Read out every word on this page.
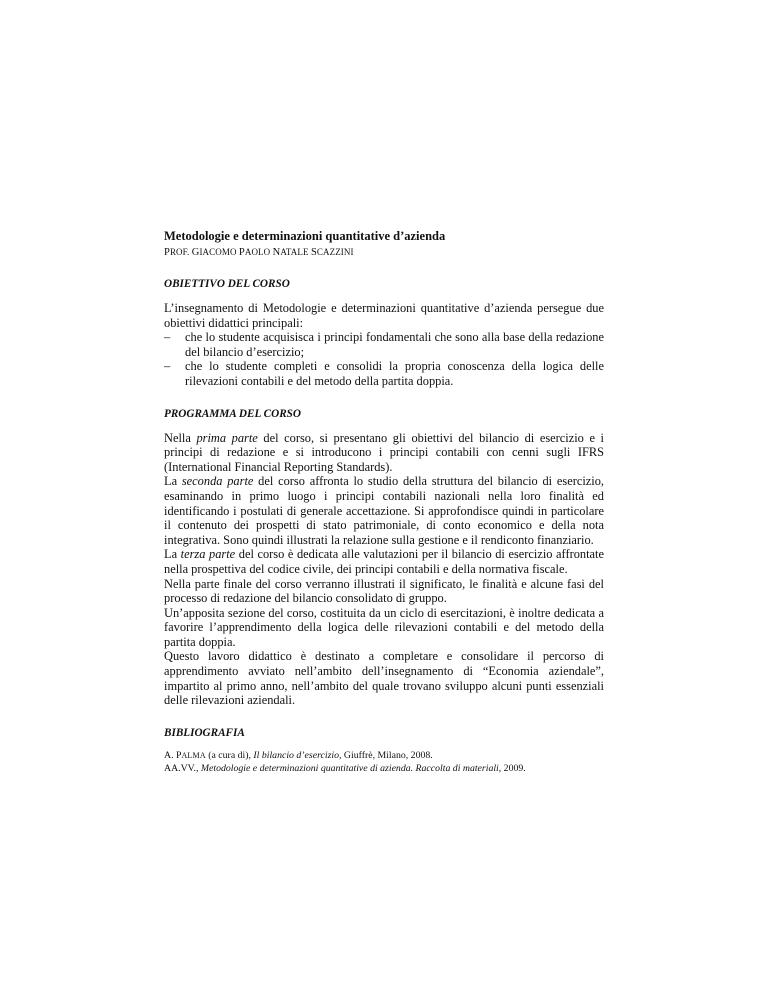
Metodologie e determinazioni quantitative d’azienda

PROF. GIACOMO PAOLO NATALE SCAZZINI

OBIETTIVO DEL CORSO

L’insegnamento di Metodologie e determinazioni quantitative d’azienda persegue due obiettivi didattici principali:

– che lo studente acquisisca i principi fondamentali che sono alla base della redazione del bilancio d’esercizio;
– che lo studente completi e consolidi la propria conoscenza della logica delle rilevazioni contabili e del metodo della partita doppia.

PROGRAMMA DEL CORSO

Nella prima parte del corso, si presentano gli obiettivi del bilancio di esercizio e i principi di redazione e si introducono i principi contabili con cenni sugli IFRS (International Financial Reporting Standards).

La seconda parte del corso affronta lo studio della struttura del bilancio di esercizio, esaminando in primo luogo i principi contabili nazionali nella loro finalità ed identificando i postulati di generale accettazione. Si approfondisce quindi in particolare il contenuto dei prospetti di stato patrimoniale, di conto economico e della nota integrativa. Sono quindi illustrati la relazione sulla gestione e il rendiconto finanziario.

La terza parte del corso è dedicata alle valutazioni per il bilancio di esercizio affrontate nella prospettiva del codice civile, dei principi contabili e della normativa fiscale.

Nella parte finale del corso verranno illustrati il significato, le finalità e alcune fasi del processo di redazione del bilancio consolidato di gruppo.

Un’apposita sezione del corso, costituita da un ciclo di esercitazioni, è inoltre dedicata a favorire l’apprendimento della logica delle rilevazioni contabili e del metodo della partita doppia.

Questo lavoro didattico è destinato a completare e consolidare il percorso di apprendimento avviato nell’ambito dell’insegnamento di “Economia aziendale”, impartito al primo anno, nell’ambito del quale trovano sviluppo alcuni punti essenziali delle rilevazioni aziendali.

BIBLIOGRAFIA

A. PALMA (a cura di), Il bilancio d’esercizio, Giuffrè, Milano, 2008.

AA.VV., Metodologie e determinazioni quantitative di azienda. Raccolta di materiali, 2009.
